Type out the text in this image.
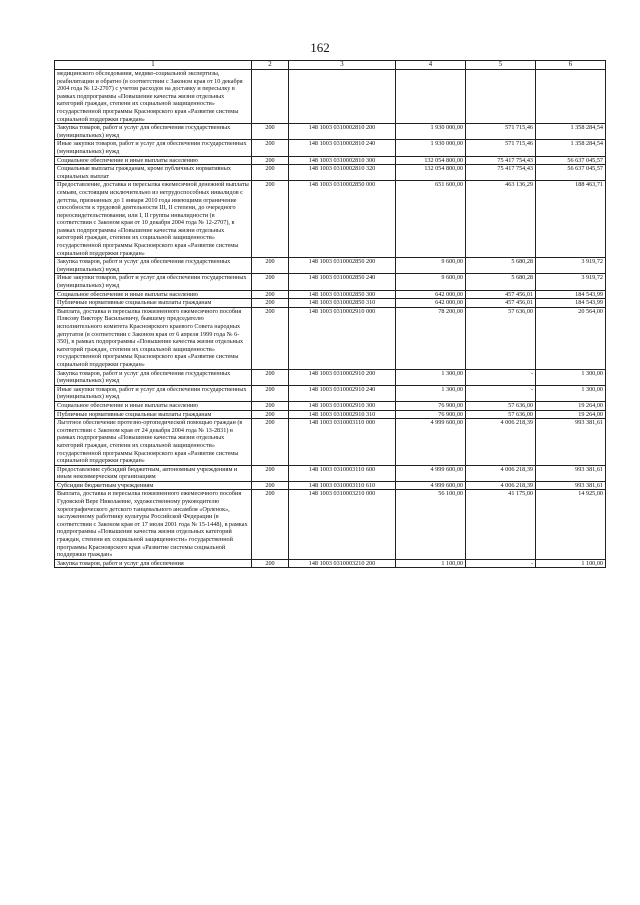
162
1	2	3	4	5	6
медицинского обследования, медико-социальной экспертизы, реабилитации и обратно (в соответствии с Законом края от 10 декабря 2004 года № 12-2707) с учетом расходов на доставку и пересылку в рамках подпрограммы «Повышение качества жизни отдельных категорий граждан, степени их социальной защищенности» государственной программы Красноярского края «Развитие системы социальной поддержки граждан»					
Закупка товаров, работ и услуг для обеспечения государственных (муниципальных) нужд	200	148 1003 0310002810 200	1 930 000,00	571 715,46	1 358 284,54
Иные закупки товаров, работ и услуг для обеспечения государственных (муниципальных) нужд	200	148 1003 0310002810 240	1 930 000,00	571 715,46	1 358 284,54
Социальное обеспечение и иные выплаты населению	200	148 1003 0310002810 300	132 054 800,00	75 417 754,43	56 637 045,57
Социальные выплаты гражданам, кроме публичных нормативных социальных выплат	200	148 1003 0310002810 320	132 054 800,00	75 417 754,43	56 637 045,57
Предоставление, доставка и пересылка ежемесячной денежной выплаты семьям, состоящим исключительно из нетрудоспособных инвалидов с детства, признанных до 1 января 2010 года имеющими ограничение способности к трудовой деятельности III, II степени, до очередного переосвидетельствования, или I, II группы инвалидности (в соответствии с Законом края от 10 декабря 2004 года № 12-2707), в рамках подпрограммы «Повышение качества жизни отдельных категорий граждан, степени их социальной защищенности» государственной программы Красноярского края «Развитие системы социальной поддержки граждан»	200	148 1003 0310002850 000	651 600,00	463 136,29	188 463,71
Закупка товаров, работ и услуг для обеспечения государственных (муниципальных) нужд	200	148 1003 0310002850 200	9 600,00	5 680,28	3 919,72
Иные закупки товаров, работ и услуг для обеспечения государственных (муниципальных) нужд	200	148 1003 0310002850 240	9 600,00	5 680,28	3 919,72
Социальное обеспечение и иные выплаты населению	200	148 1003 0310002850 300	642 000,00	457 456,01	184 543,99
Публичные нормативные социальные выплаты гражданам	200	148 1003 0310002850 310	642 000,00	457 456,01	184 543,99
Выплата, доставка и пересылка пожизненного ежемесячного пособия Плясову Виктору Васильевичу, бывшему председателю исполнительного комитета Красноярского краевого Совета народных депутатов (в соответствии с Законом края от 6 апреля 1999 года № 6-350), в рамках подпрограммы «Повышение качества жизни отдельных категорий граждан, степени их социальной защищенности» государственной программы Красноярского края «Развитие системы социальной поддержки граждан»	200	148 1003 0310002910 000	78 200,00	57 636,00	20 564,00
Закупка товаров, работ и услуг для обеспечения государственных (муниципальных) нужд	200	148 1003 0310002910 200	1 300,00	-	1 300,00
Иные закупки товаров, работ и услуг для обеспечения государственных (муниципальных) нужд	200	148 1003 0310002910 240	1 300,00	-	1 300,00
Социальное обеспечение и иные выплаты населению	200	148 1003 0310002910 300	76 900,00	57 636,00	19 264,00
Публичные нормативные социальные выплаты гражданам	200	148 1003 0310002910 310	76 900,00	57 636,00	19 264,00
Льготное обеспечение протезно-ортопедической помощью граждан (в соответствии с Законом края от 24 декабря 2004 года № 13-2831) в рамках подпрограммы «Повышение качества жизни отдельных категорий граждан, степени их социальной защищенности» государственной программы Красноярского края «Развитие системы социальной поддержки граждан»	200	148 1003 0310003110 000	4 999 600,00	4 006 218,39	993 381,61
Предоставление субсидий бюджетным, автономным учреждениям и иным некоммерческим организациям	200	148 1003 0310003110 600	4 999 600,00	4 006 218,39	993 381,61
Субсидии бюджетным учреждениям	200	148 1003 0310003110 610	4 999 600,00	4 006 218,39	993 381,61
Выплата, доставка и пересылка пожизненного ежемесячного пособия Гудовской Вере Николаевне, художественному руководителю хореографического детского танцевального ансамбля «Орленок», заслуженному работнику культуры Российской Федерации (в соответствии с Законом края от 17 июля 2001 года № 15-1448), в рамках подпрограммы «Повышение качества жизни отдельных категорий граждан, степени их социальной защищенности» государственной программы Красноярского края «Развитие системы социальной поддержки граждан»	200	148 1003 0310003210 000	56 100,00	41 175,00	14 925,00
Закупка товаров, работ и услуг для обеспечения	200	148 1003 0310003210 200	1 100,00	-	1 100,00
